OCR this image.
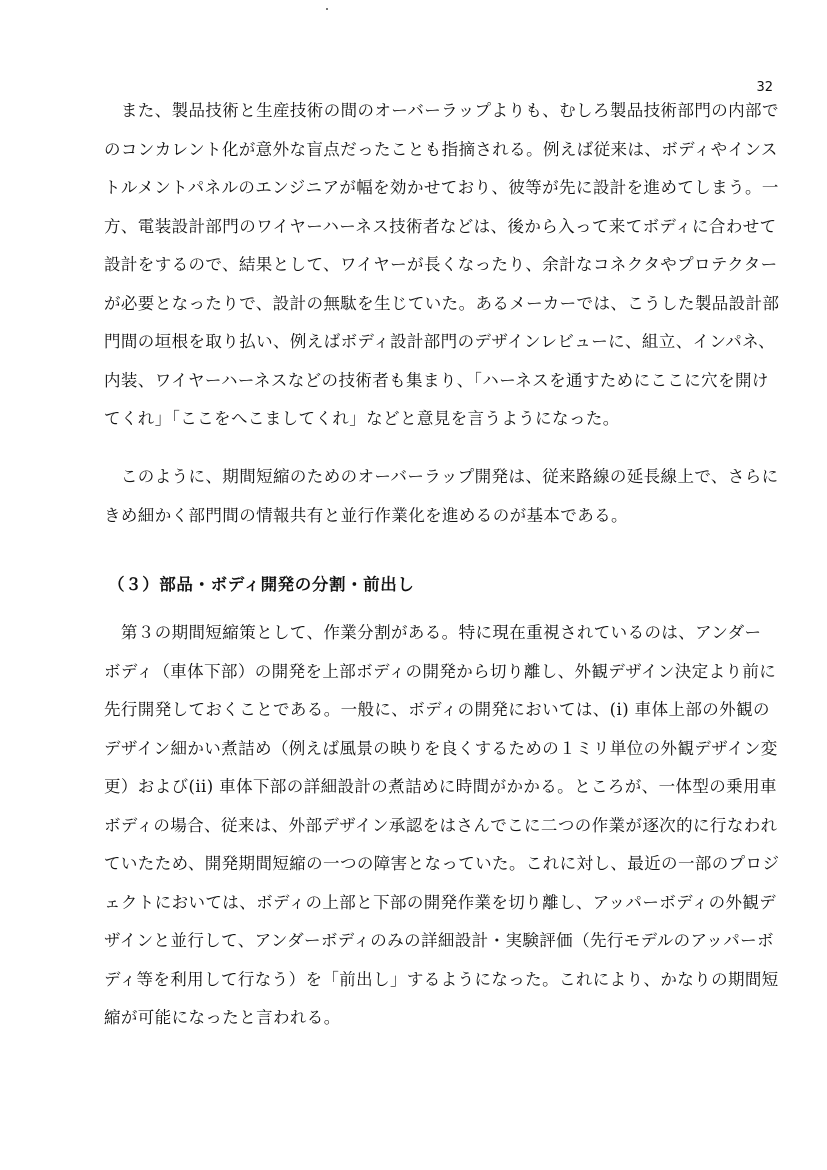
32
　また、製品技術と生産技術の間のオーバーラップよりも、むしろ製品技術部門の内部で
のコンカレント化が意外な盲点だったことも指摘される。例えば従来は、ボディやインス
トルメントパネルのエンジニアが幅を効かせており、彼等が先に設計を進めてしまう。一
方、電装設計部門のワイヤーハーネス技術者などは、後から入って来てボディに合わせて
設計をするので、結果として、ワイヤーが長くなったり、余計なコネクタやプロテクター
が必要となったりで、設計の無駄を生じていた。あるメーカーでは、こうした製品設計部
門間の垣根を取り払い、例えばボディ設計部門のデザインレビューに、組立、インパネ、
内装、ワイヤーハーネスなどの技術者も集まり、「ハーネスを通すためにここに穴を開け
てくれ」「ここをへこましてくれ」などと意見を言うようになった。
　このように、期間短縮のためのオーバーラップ開発は、従来路線の延長線上で、さらに
きめ細かく部門間の情報共有と並行作業化を進めるのが基本である。
（３）部品・ボディ開発の分割・前出し
　第３の期間短縮策として、作業分割がある。特に現在重視されているのは、アンダー
ボディ（車体下部）の開発を上部ボディの開発から切り離し、外観デザイン決定より前に
先行開発しておくことである。一般に、ボディの開発においては、(i) 車体上部の外観の
デザイン細かい煮詰め（例えば風景の映りを良くするための１ミリ単位の外観デザイン変
更）および(ii) 車体下部の詳細設計の煮詰めに時間がかかる。ところが、一体型の乗用車
ボディの場合、従来は、外部デザイン承認をはさんでこに二つの作業が逐次的に行なわれ
ていたため、開発期間短縮の一つの障害となっていた。これに対し、最近の一部のプロジ
ェクトにおいては、ボディの上部と下部の開発作業を切り離し、アッパーボディの外観デ
ザインと並行して、アンダーボディのみの詳細設計・実験評価（先行モデルのアッパーボ
ディ等を利用して行なう）を「前出し」するようになった。これにより、かなりの期間短
縮が可能になったと言われる。
